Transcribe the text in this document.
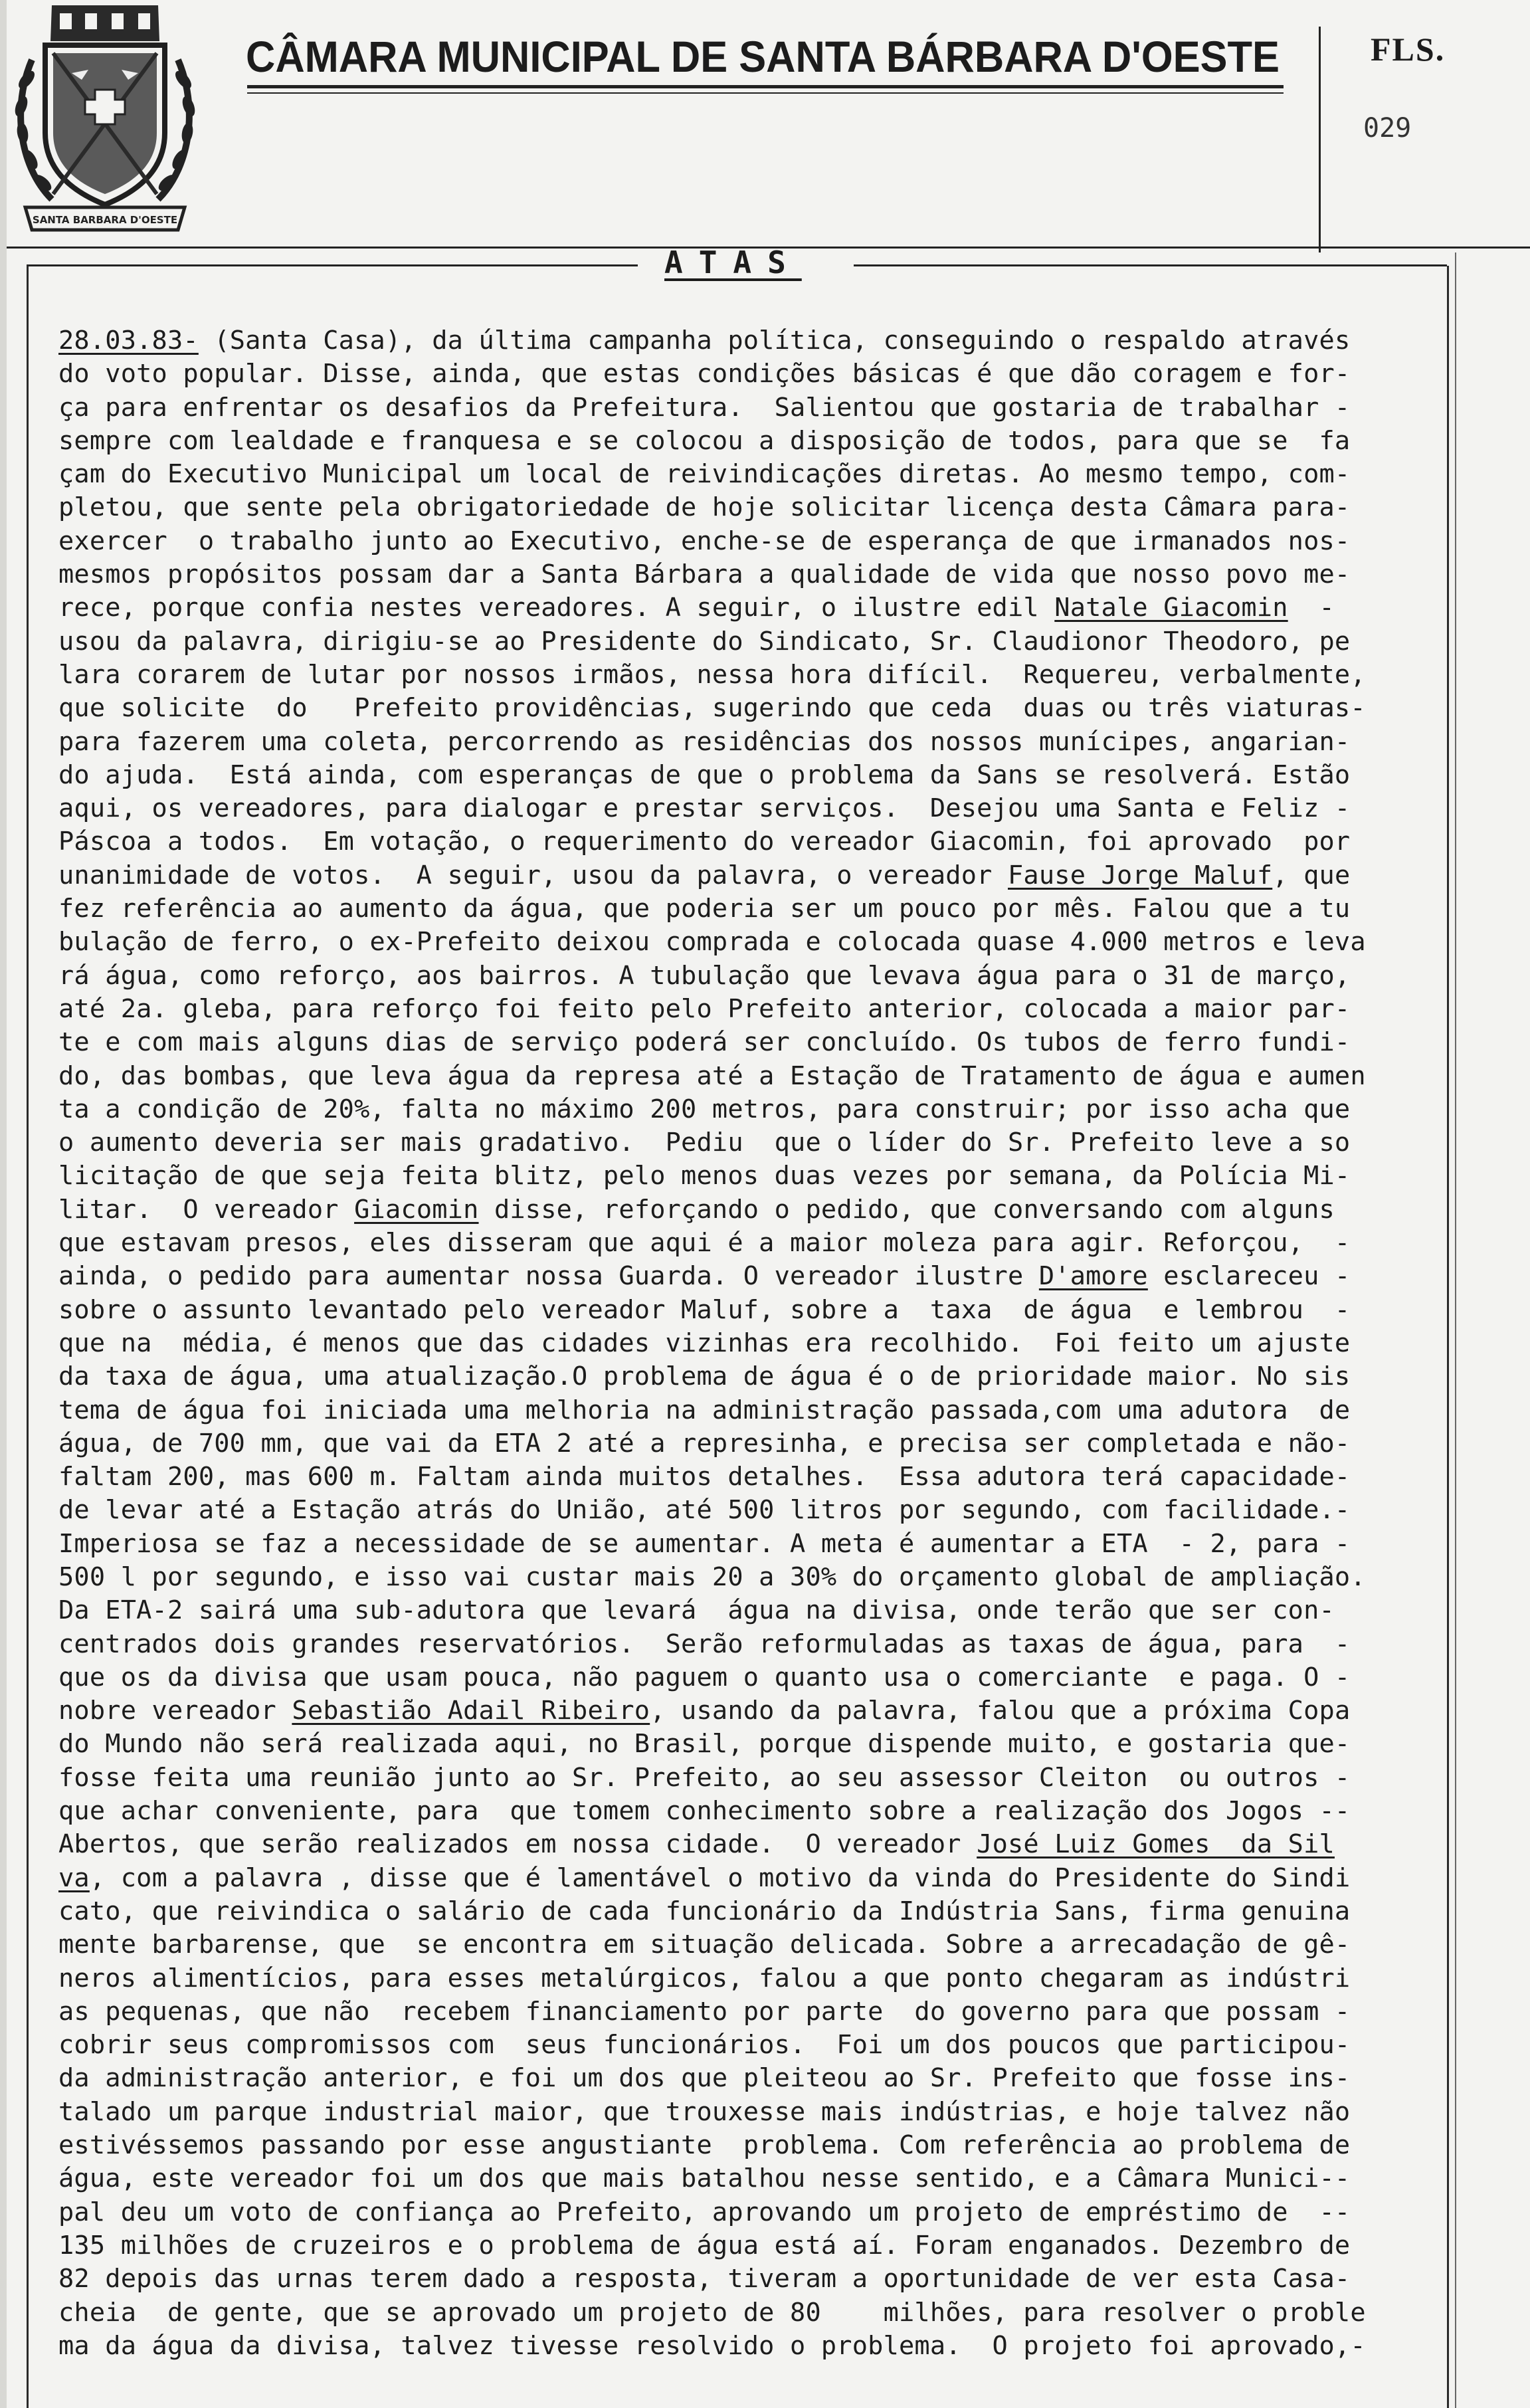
SANTA BARBARA D'OESTE
CÂMARA MUNICIPAL DE SANTA BÁRBARA D'OESTE	FLS.
029
ATAS
28.03.83- (Santa Casa), da última campanha política, conseguindo o respaldo através
do voto popular. Disse, ainda, que estas condições básicas é que dão coragem e for-
ça para enfrentar os desafios da Prefeitura.  Salientou que gostaria de trabalhar -
sempre com lealdade e franquesa e se colocou a disposição de todos, para que se  fa
çam do Executivo Municipal um local de reivindicações diretas. Ao mesmo tempo, com-
pletou, que sente pela obrigatoriedade de hoje solicitar licença desta Câmara para-
exercer  o trabalho junto ao Executivo, enche-se de esperança de que irmanados nos-
mesmos propósitos possam dar a Santa Bárbara a qualidade de vida que nosso povo me-
rece, porque confia nestes vereadores. A seguir, o ilustre edil Natale Giacomin  -
usou da palavra, dirigiu-se ao Presidente do Sindicato, Sr. Claudionor Theodoro, pe
lara corarem de lutar por nossos irmãos, nessa hora difícil.  Requereu, verbalmente,
que solicite  do   Prefeito providências, sugerindo que ceda  duas ou três viaturas-
para fazerem uma coleta, percorrendo as residências dos nossos munícipes, angarian-
do ajuda.  Está ainda, com esperanças de que o problema da Sans se resolverá. Estão
aqui, os vereadores, para dialogar e prestar serviços.  Desejou uma Santa e Feliz -
Páscoa a todos.  Em votação, o requerimento do vereador Giacomin, foi aprovado  por
unanimidade de votos.  A seguir, usou da palavra, o vereador Fause Jorge Maluf, que
fez referência ao aumento da água, que poderia ser um pouco por mês. Falou que a tu
bulação de ferro, o ex-Prefeito deixou comprada e colocada quase 4.000 metros e leva
rá água, como reforço, aos bairros. A tubulação que levava água para o 31 de março,
até 2a. gleba, para reforço foi feito pelo Prefeito anterior, colocada a maior par-
te e com mais alguns dias de serviço poderá ser concluído. Os tubos de ferro fundi-
do, das bombas, que leva água da represa até a Estação de Tratamento de água e aumen
ta a condição de 20%, falta no máximo 200 metros, para construir; por isso acha que
o aumento deveria ser mais gradativo.  Pediu  que o líder do Sr. Prefeito leve a so
licitação de que seja feita blitz, pelo menos duas vezes por semana, da Polícia Mi-
litar.  O vereador Giacomin disse, reforçando o pedido, que conversando com alguns
que estavam presos, eles disseram que aqui é a maior moleza para agir. Reforçou,  -
ainda, o pedido para aumentar nossa Guarda. O vereador ilustre D'amore esclareceu -
sobre o assunto levantado pelo vereador Maluf, sobre a  taxa  de água  e lembrou  -
que na  média, é menos que das cidades vizinhas era recolhido.  Foi feito um ajuste
da taxa de água, uma atualização.O problema de água é o de prioridade maior. No sis
tema de água foi iniciada uma melhoria na administração passada,com uma adutora  de
água, de 700 mm, que vai da ETA 2 até a represinha, e precisa ser completada e não-
faltam 200, mas 600 m. Faltam ainda muitos detalhes.  Essa adutora terá capacidade-
de levar até a Estação atrás do União, até 500 litros por segundo, com facilidade.-
Imperiosa se faz a necessidade de se aumentar. A meta é aumentar a ETA  - 2, para -
500 l por segundo, e isso vai custar mais 20 a 30% do orçamento global de ampliação.
Da ETA-2 sairá uma sub-adutora que levará  água na divisa, onde terão que ser con-
centrados dois grandes reservatórios.  Serão reformuladas as taxas de água, para  -
que os da divisa que usam pouca, não paguem o quanto usa o comerciante  e paga. O -
nobre vereador Sebastião Adail Ribeiro, usando da palavra, falou que a próxima Copa
do Mundo não será realizada aqui, no Brasil, porque dispende muito, e gostaria que-
fosse feita uma reunião junto ao Sr. Prefeito, ao seu assessor Cleiton  ou outros -
que achar conveniente, para  que tomem conhecimento sobre a realização dos Jogos --
Abertos, que serão realizados em nossa cidade.  O vereador José Luiz Gomes  da Sil
va, com a palavra , disse que é lamentável o motivo da vinda do Presidente do Sindi
cato, que reivindica o salário de cada funcionário da Indústria Sans, firma genuina
mente barbarense, que  se encontra em situação delicada. Sobre a arrecadação de gê-
neros alimentícios, para esses metalúrgicos, falou a que ponto chegaram as indústri
as pequenas, que não  recebem financiamento por parte  do governo para que possam -
cobrir seus compromissos com  seus funcionários.  Foi um dos poucos que participou-
da administração anterior, e foi um dos que pleiteou ao Sr. Prefeito que fosse ins-
talado um parque industrial maior, que trouxesse mais indústrias, e hoje talvez não
estivéssemos passando por esse angustiante  problema. Com referência ao problema de
água, este vereador foi um dos que mais batalhou nesse sentido, e a Câmara Munici--
pal deu um voto de confiança ao Prefeito, aprovando um projeto de empréstimo de  --
135 milhões de cruzeiros e o problema de água está aí. Foram enganados. Dezembro de
82 depois das urnas terem dado a resposta, tiveram a oportunidade de ver esta Casa-
cheia  de gente, que se aprovado um projeto de 80    milhões, para resolver o proble
ma da água da divisa, talvez tivesse resolvido o problema.  O projeto foi aprovado,-
